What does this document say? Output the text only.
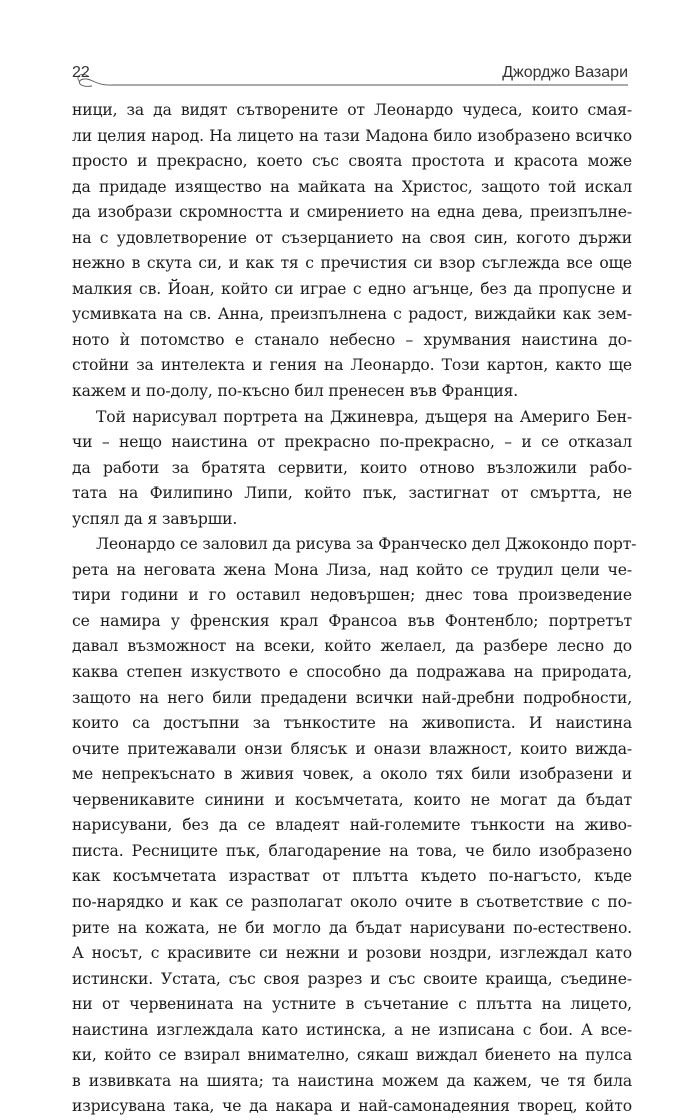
22	Джорджо Вазари
ници, за да видят сътворените от Леонардо чудеса, които смая-
ли целия народ. На лицето на тази Мадона било изобразено всичко
просто и прекрасно, което със своята простота и красота може
да придаде изящество на майката на Христос, защото той искал
да изобрази скромността и смирението на една дева, преизпълне-
на с удовлетворение от съзерцанието на своя син, когото държи
нежно в скута си, и как тя с пречистия си взор съглежда все още
малкия св. Йоан, който си играе с едно агънце, без да пропусне и
усмивката на св. Анна, преизпълнена с радост, виждайки как зем-
ното ѝ потомство е станало небесно – хрумвания наистина до-
стойни за интелекта и гения на Леонардо. Този картон, както ще
кажем и по-долу, по-късно бил пренесен във Франция.
Той нарисувал портрета на Джиневра, дъщеря на Америго Бен-
чи – нещо наистина от прекрасно по-прекрасно, – и се отказал
да работи за братята сервити, които отново възложили рабо-
тата на Филипино Липи, който пък, застигнат от смъртта, не
успял да я завърши.
Леонардо се заловил да рисува за Франческо дел Джокондо порт-
рета на неговата жена Мона Лиза, над който се трудил цели че-
тири години и го оставил недовършен; днес това произведение
се намира у френския крал Франсоа във Фонтенбло; портретът
давал възможност на всеки, който желаел, да разбере лесно до
каква степен изкуството е способно да подражава на природата,
защото на него били предадени всички най-дребни подробности,
които са достъпни за тънкостите на живописта. И наистина
очите притежавали онзи блясък и онази влажност, които вижда-
ме непрекъснато в живия човек, а около тях били изобразени и
червеникавите синини и косъмчетата, които не могат да бъдат
нарисувани, без да се владеят най-големите тънкости на живо-
писта. Ресниците пък, благодарение на това, че било изобразено
как косъмчетата израстват от плътта където по-нагъсто, къде
по-нарядко и как се разполагат около очите в съответствие с по-
рите на кожата, не би могло да бъдат нарисувани по-естествено.
А носът, с красивите си нежни и розови ноздри, изглеждал като
истински. Устата, със своя разрез и със своите краища, съедине-
ни от червенината на устните в съчетание с плътта на лицето,
наистина изглеждала като истинска, а не изписана с бои. А все-
ки, който се взирал внимателно, сякаш виждал биенето на пулса
в извивката на шията; та наистина можем да кажем, че тя била
изрисувана така, че да накара и най-самонадеяния творец, който
